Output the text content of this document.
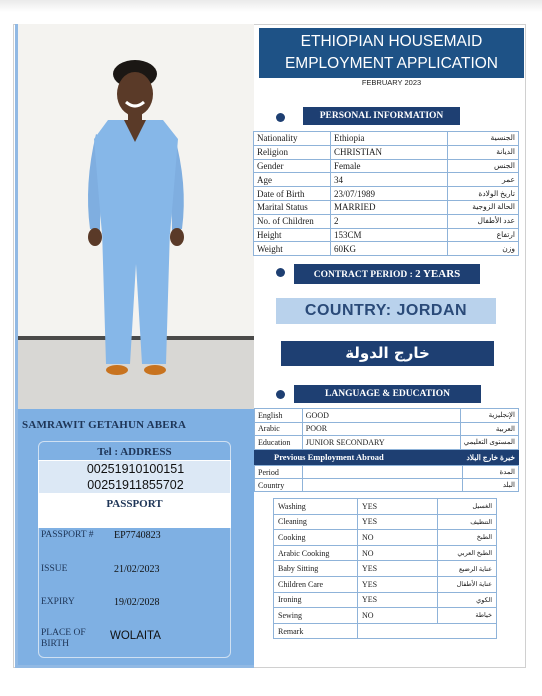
SAMRAWIT GETAHUN ABERA
Tel : ADDRESS
00251910100151
00251911855702
PASSPORT
PASSPORT # EP7740823
ISSUE	21/02/2023
EXPIRY	19/02/2028
PLACE OF
BIRTH
WOLAITA
ETHIOPIAN HOUSEMAID
EMPLOYMENT APPLICATION
FEBRUARY 2023
PERSONAL INFORMATION
Nationality	Ethiopia	الجنسية
Religion	CHRISTIAN	الديانة
Gender	Female	الجنس
Age	34	عمر
Date of Birth	23/07/1989	تاريخ الولادة
Marital Status	MARRIED	الحالة الزوجية
No. of Children	2	عدد الأطفال
Height	153CM	ارتفاع
Weight	60KG	وزن
CONTRACT PERIOD : 2 YEARS
COUNTRY: JORDAN
خارج الدولة
LANGUAGE & EDUCATION
English	GOOD	الإنجليزية
Arabic	POOR	العربية
Education	JUNIOR SECONDARY	المستوى التعليمي
Previous Employment Abroad	خبرة خارج البلاد
Period		المدة
Country		البلد
Washing	YES	الغسيل
Cleaning	YES	التنظيف
Cooking	NO	الطبخ
Arabic Cooking	NO	الطبخ العربي
Baby Sitting	YES	عناية الرضيع
Children Care	YES	عناية الأطفال
Ironing	YES	الكوي
Sewing	NO	خياطة
Remark		
